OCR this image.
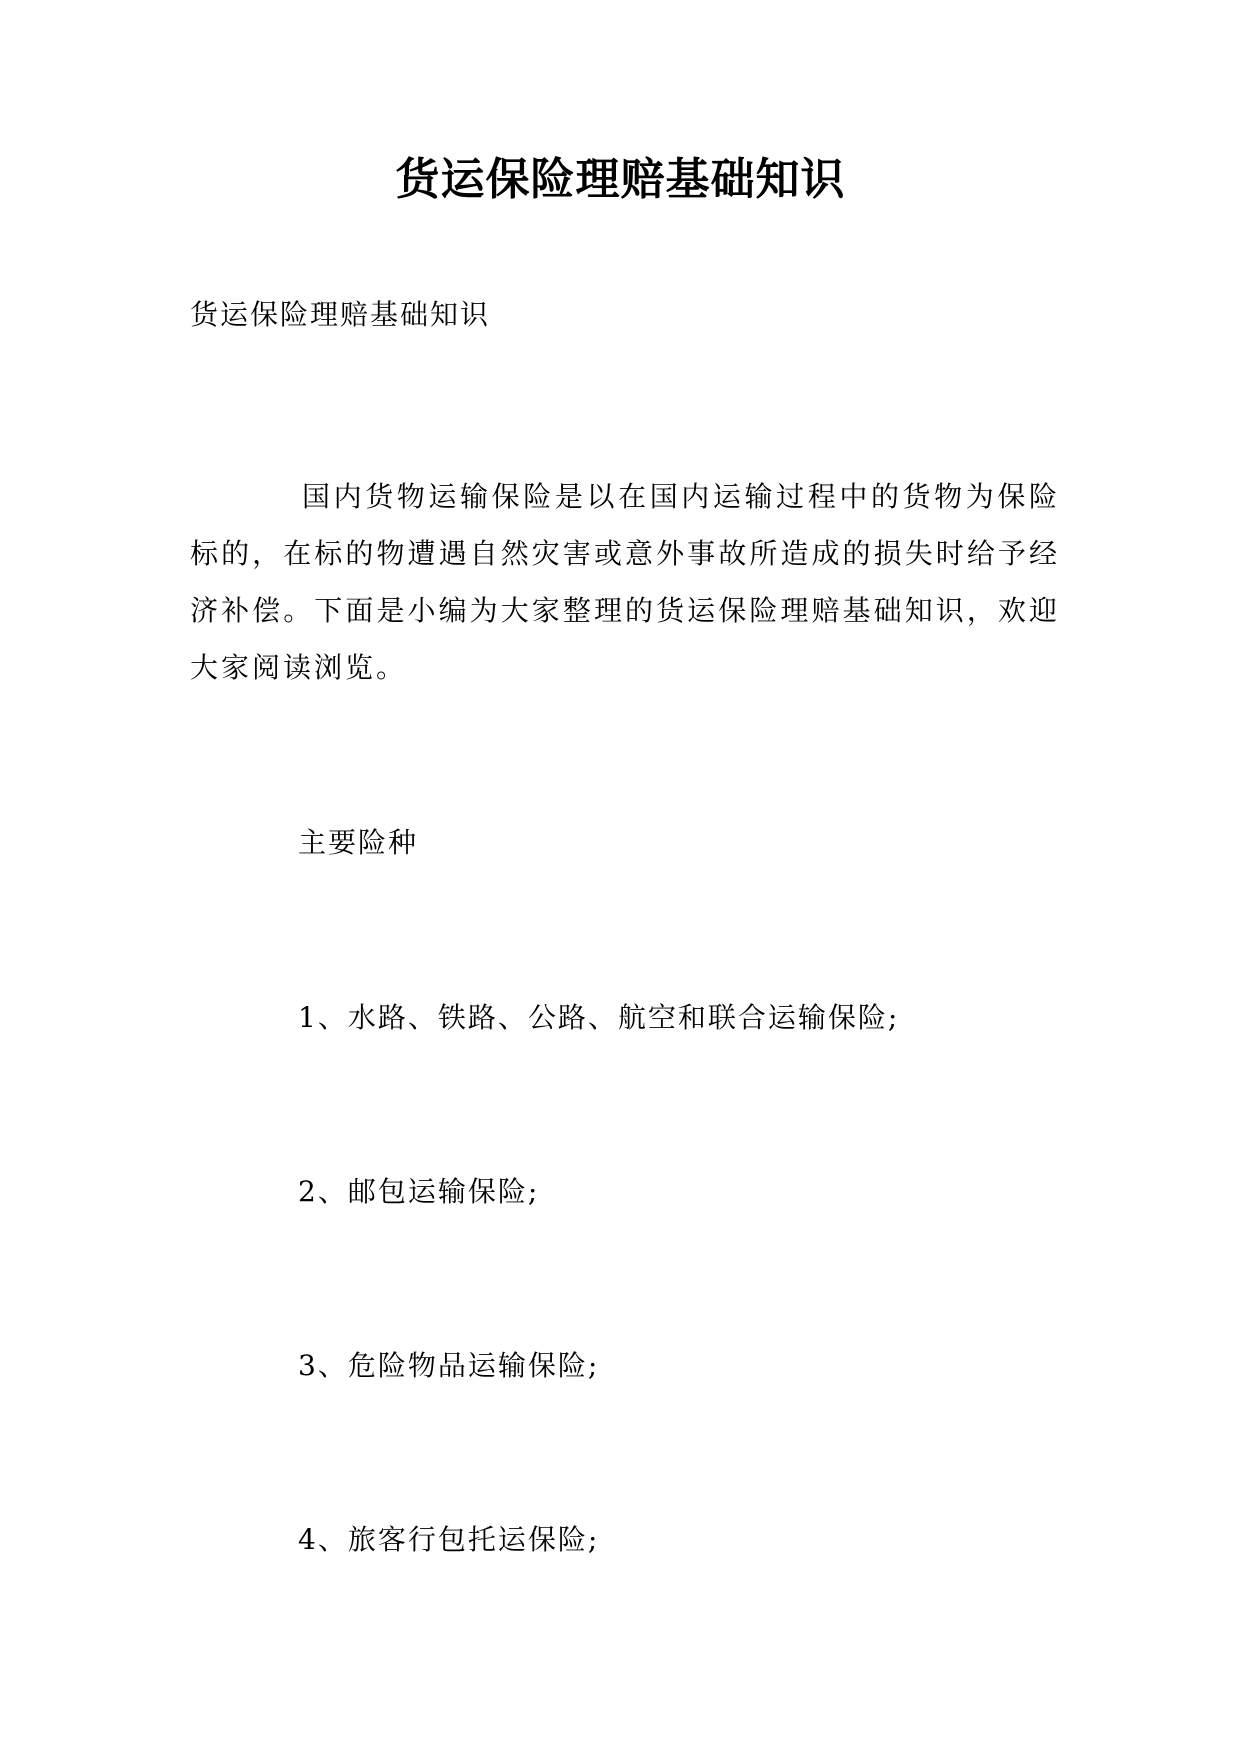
货运保险理赔基础知识

货运保险理赔基础知识

国内货物运输保险是以在国内运输过程中的货物为保险标的，在标的物遭遇自然灾害或意外事故所造成的损失时给予经济补偿。下面是小编为大家整理的货运保险理赔基础知识，欢迎大家阅读浏览。

主要险种

1、水路、铁路、公路、航空和联合运输保险;

2、邮包运输保险;

3、危险物品运输保险;

4、旅客行包托运保险;
